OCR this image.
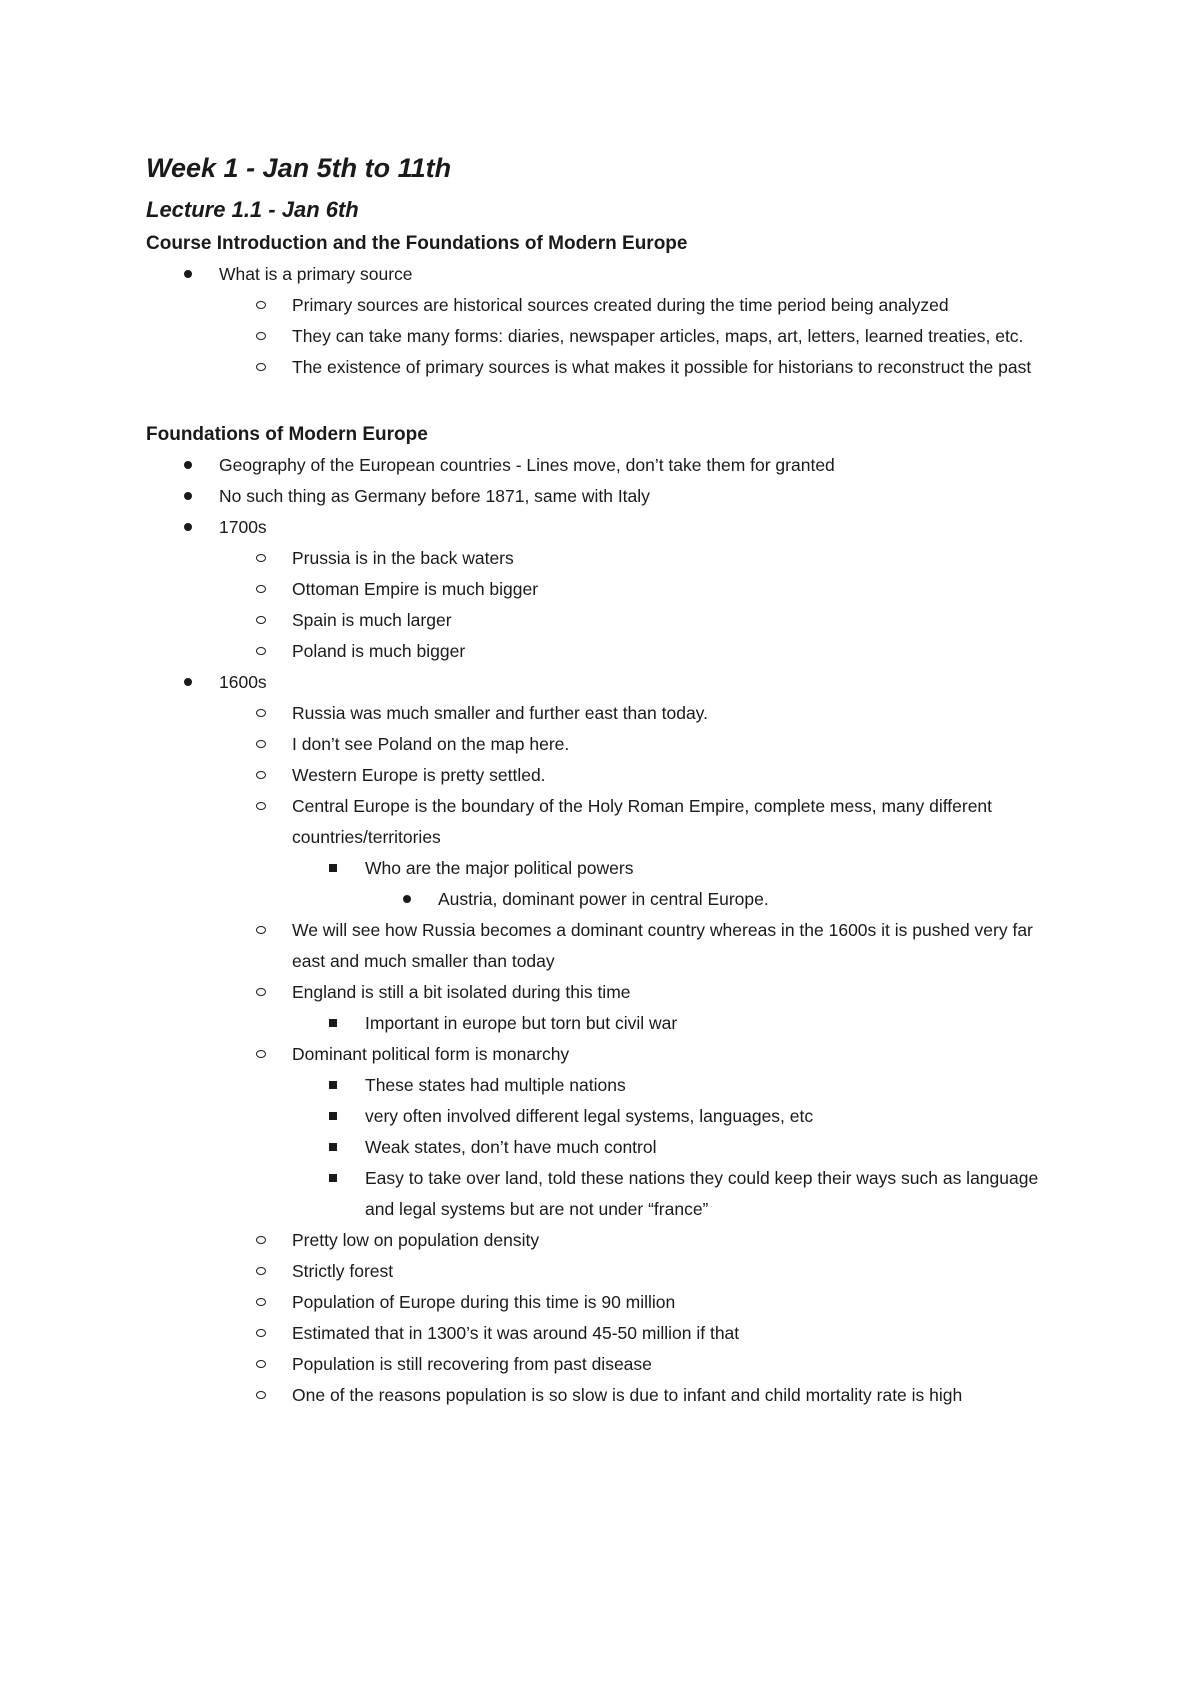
Week 1 - Jan 5th to 11th
Lecture 1.1 - Jan 6th
Course Introduction and the Foundations of Modern Europe
What is a primary source
Primary sources are historical sources created during the time period being analyzed
They can take many forms: diaries, newspaper articles, maps, art, letters, learned treaties, etc.
The existence of primary sources is what makes it possible for historians to reconstruct the past
Foundations of Modern Europe
Geography of the European countries - Lines move, don’t take them for granted
No such thing as Germany before 1871, same with Italy
1700s
Prussia is in the back waters
Ottoman Empire is much bigger
Spain is much larger
Poland is much bigger
1600s
Russia was much smaller and further east than today.
I don’t see Poland on the map here.
Western Europe is pretty settled.
Central Europe is the boundary of the Holy Roman Empire, complete mess, many different countries/territories
Who are the major political powers
Austria, dominant power in central Europe.
We will see how Russia becomes a dominant country whereas in the 1600s it is pushed very far east and much smaller than today
England is still a bit isolated during this time
Important in europe but torn but civil war
Dominant political form is monarchy
These states had multiple nations
very often involved different legal systems, languages, etc
Weak states, don’t have much control
Easy to take over land, told these nations they could keep their ways such as language and legal systems but are not under “france”
Pretty low on population density
Strictly forest
Population of Europe during this time is 90 million
Estimated that in 1300’s it was around 45-50 million if that
Population is still recovering from past disease
One of the reasons population is so slow is due to infant and child mortality rate is high
